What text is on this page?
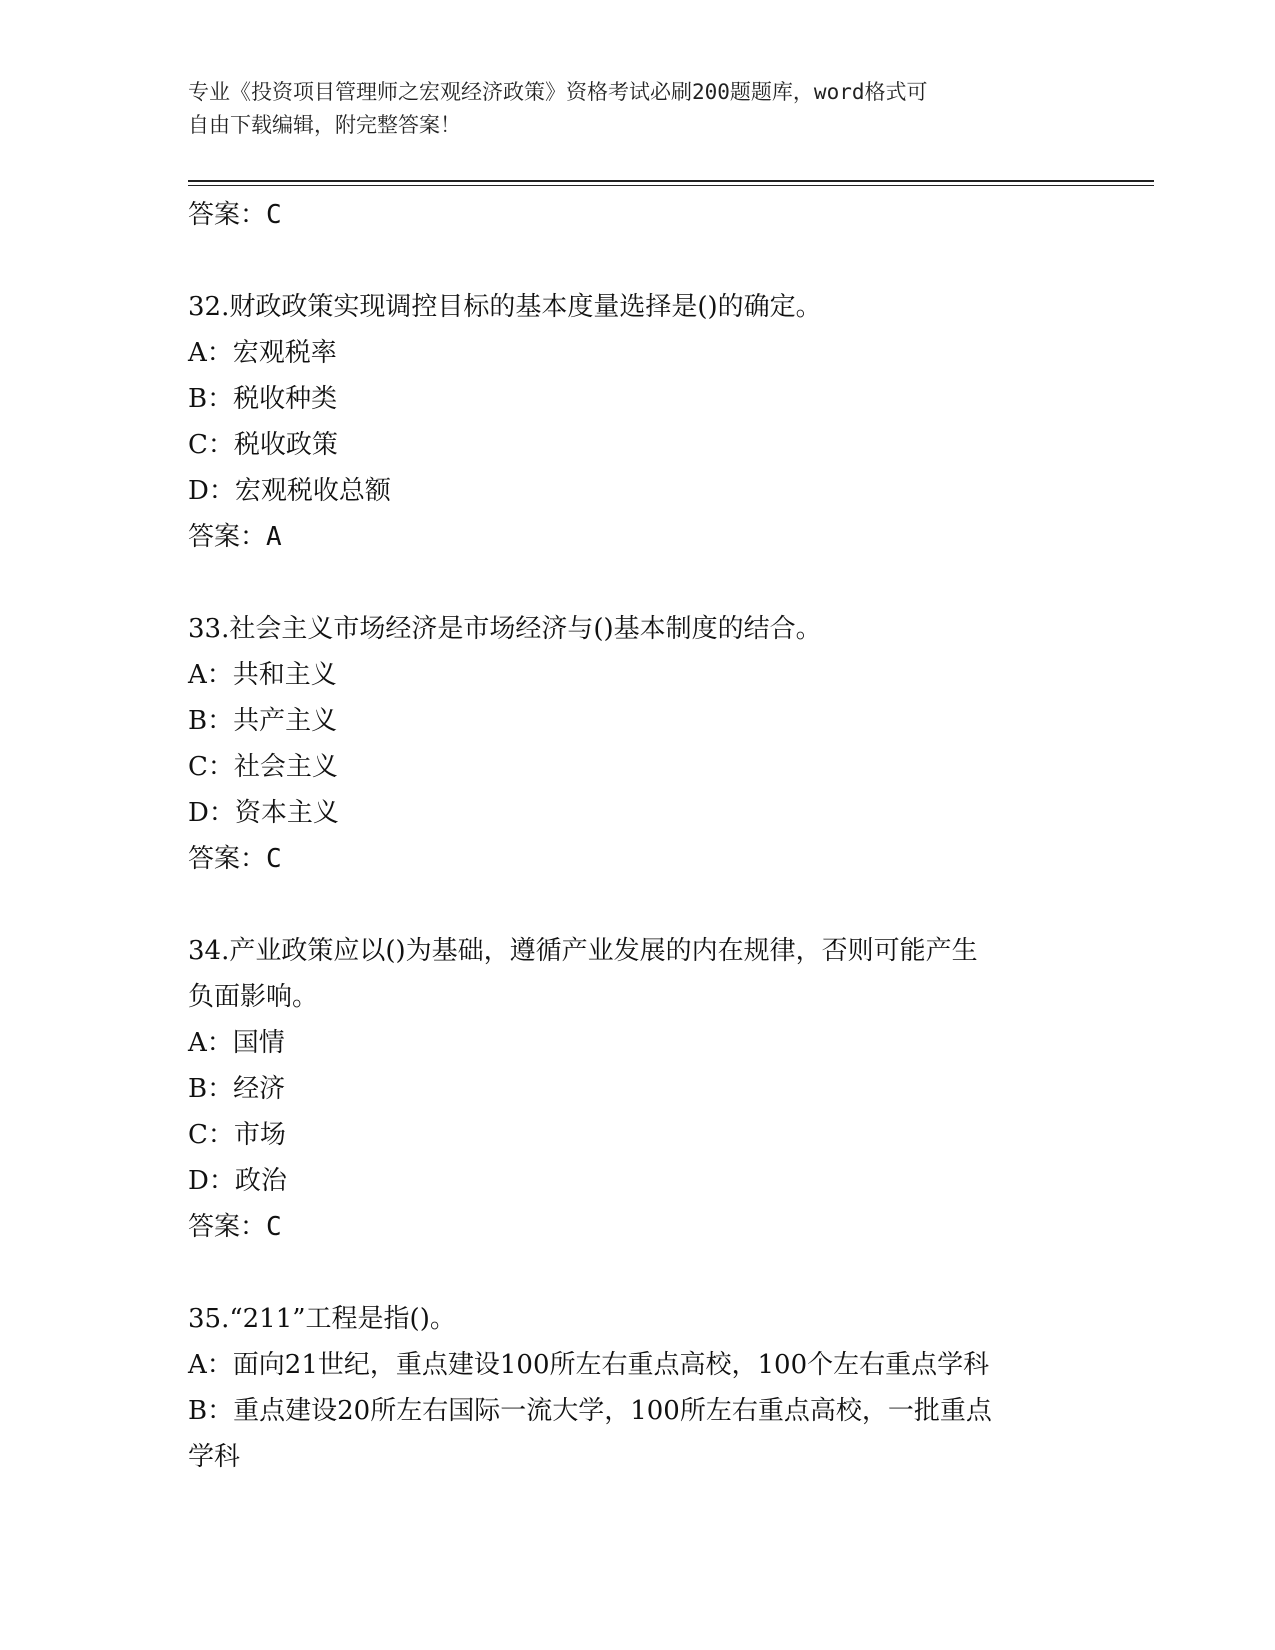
专业《投资项目管理师之宏观经济政策》资格考试必刷200题题库，word格式可
自由下载编辑，附完整答案！
答案：C
32.财政政策实现调控目标的基本度量选择是()的确定。
A：宏观税率
B：税收种类
C：税收政策
D：宏观税收总额
答案：A
33.社会主义市场经济是市场经济与()基本制度的结合。
A：共和主义
B：共产主义
C：社会主义
D：资本主义
答案：C
34.产业政策应以()为基础，遵循产业发展的内在规律，否则可能产生
负面影响。
A：国情
B：经济
C：市场
D：政治
答案：C
35.“211”工程是指()。
A：面向21世纪，重点建设100所左右重点高校，100个左右重点学科
B：重点建设20所左右国际一流大学，100所左右重点高校，一批重点
学科
